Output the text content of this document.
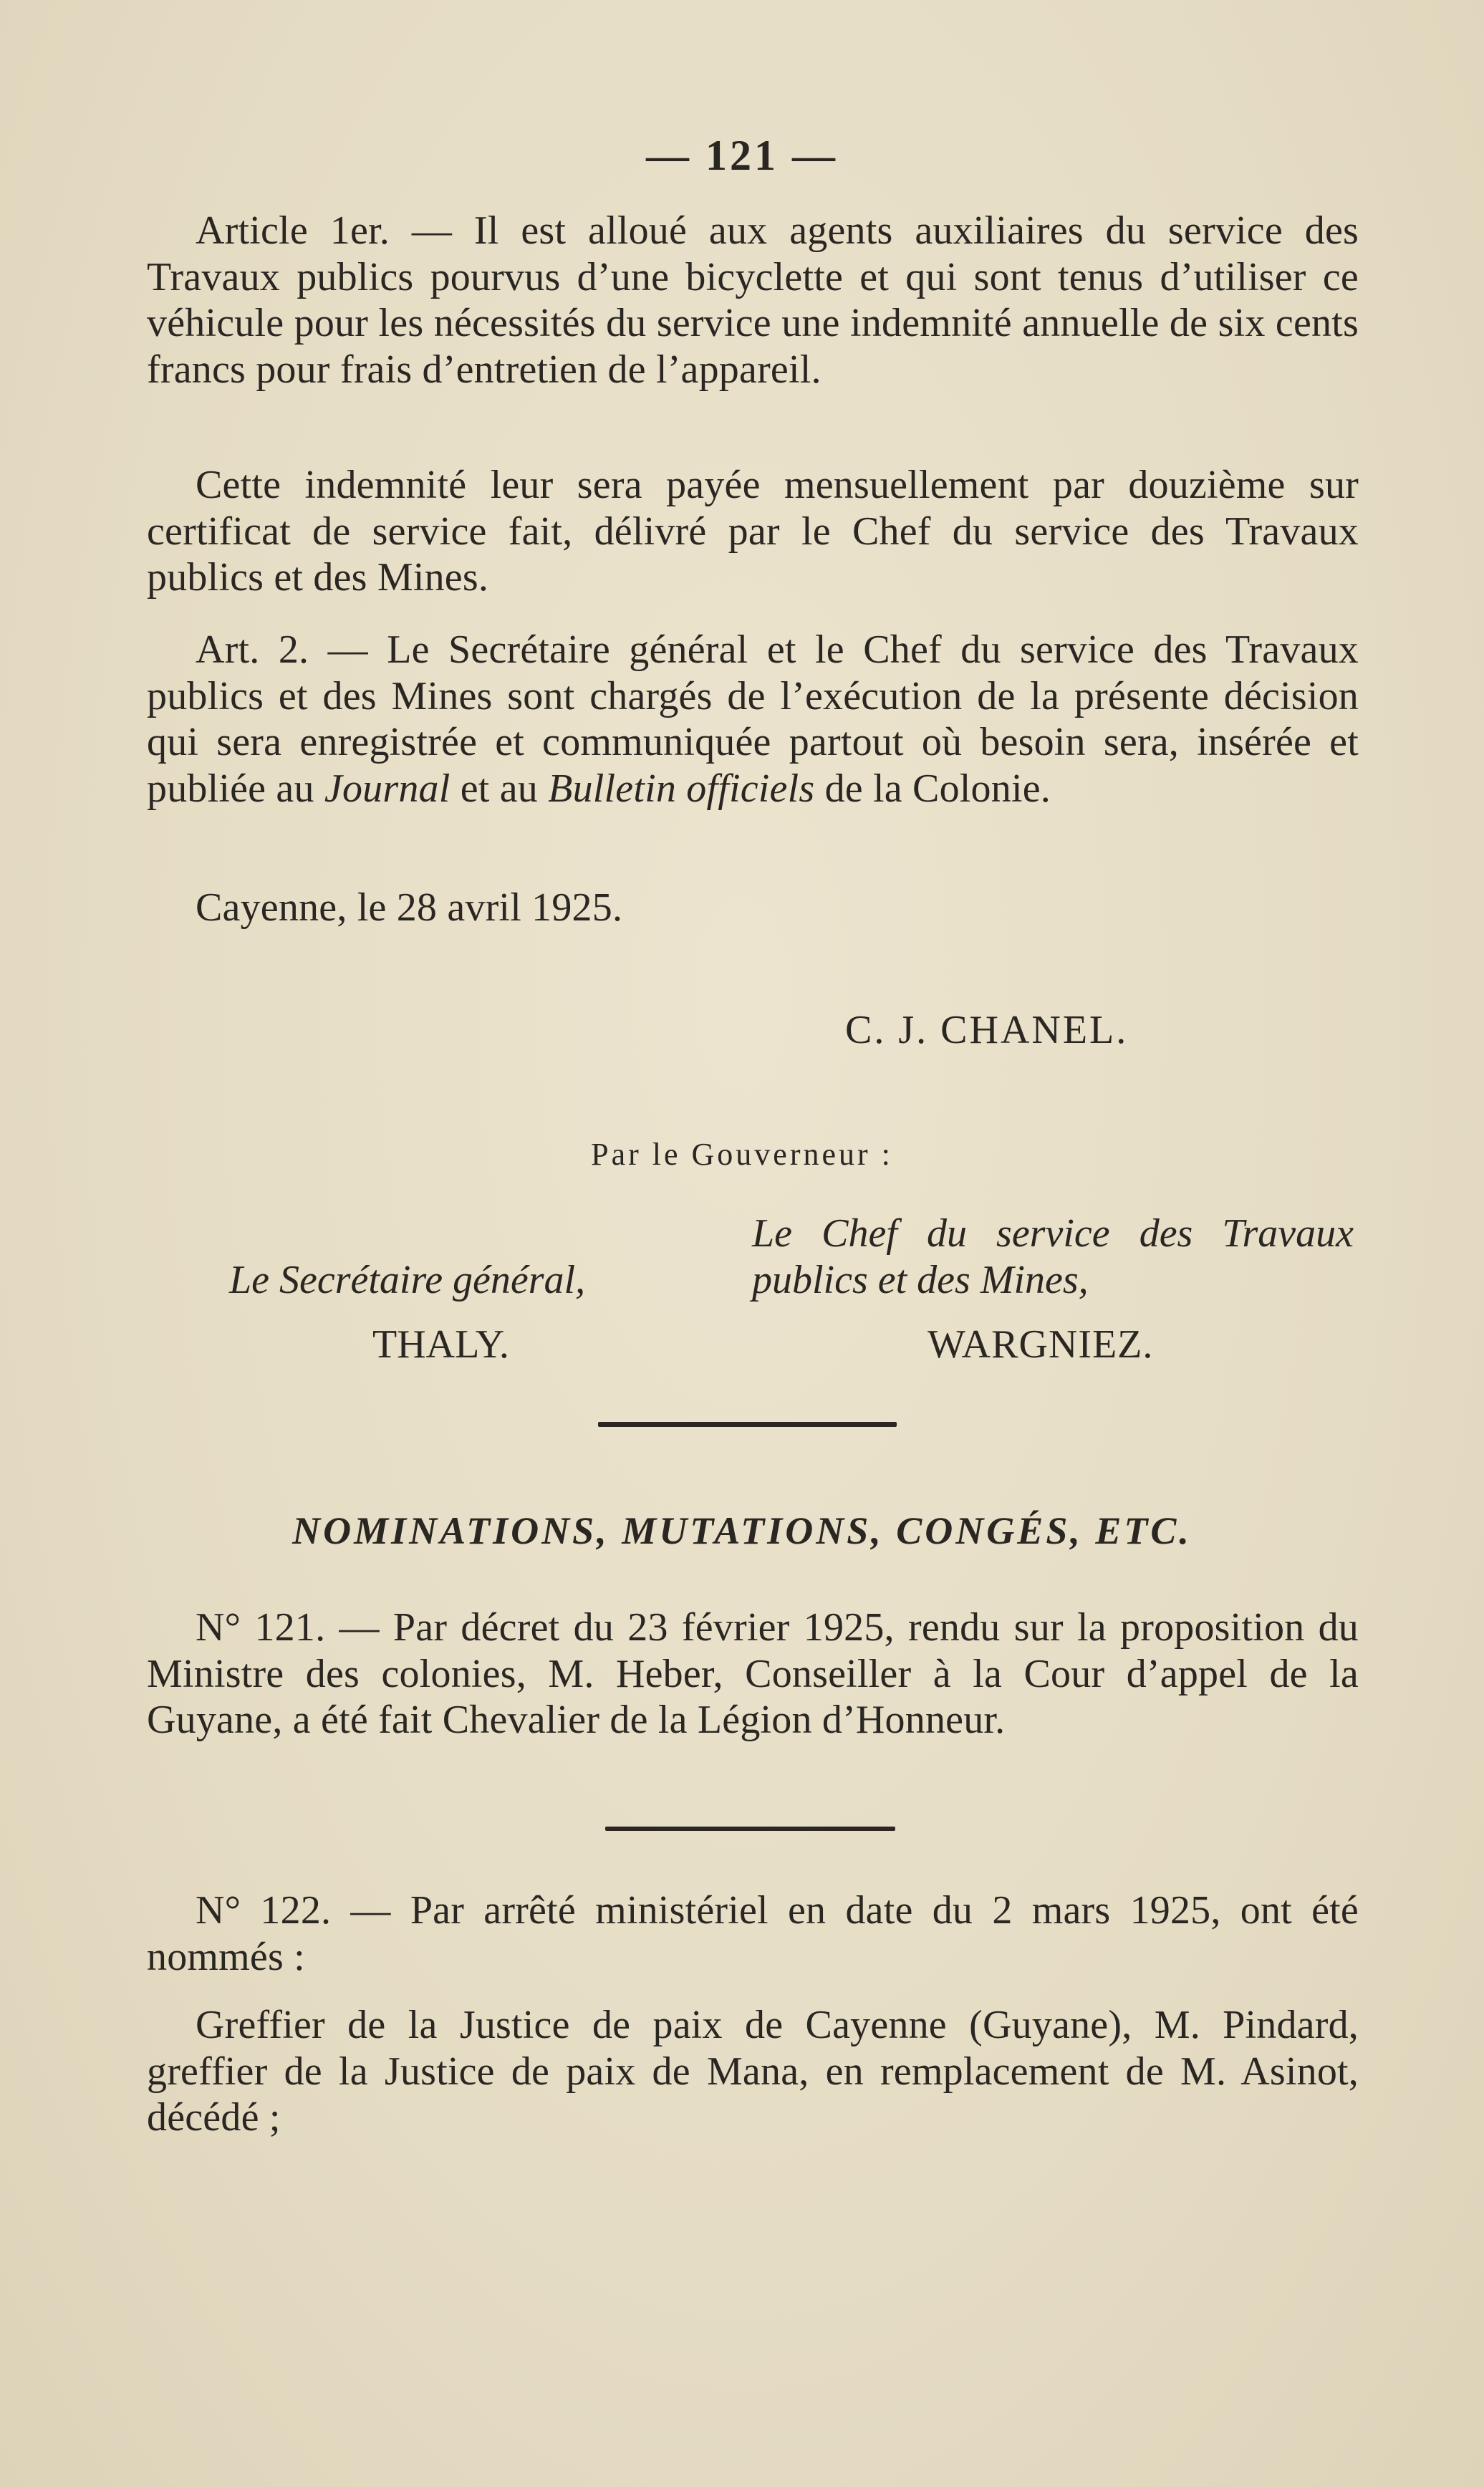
— 121 —

Article 1er. — Il est alloué aux agents auxiliaires du service des Travaux publics pourvus d’une bicyclette et qui sont tenus d’utiliser ce véhicule pour les nécessités du service une indemnité annuelle de six cents francs pour frais d’entretien de l’appareil.

Cette indemnité leur sera payée mensuellement par douzième sur certificat de service fait, délivré par le Chef du service des Travaux publics et des Mines.

Art. 2. — Le Secrétaire général et le Chef du service des Travaux publics et des Mines sont chargés de l’exécution de la présente décision qui sera enregistrée et communiquée partout où besoin sera, insérée et publiée au Journal et au Bulletin officiels de la Colonie.

Cayenne, le 28 avril 1925.

C. J. CHANEL.
Par le Gouverneur :
Le Chef du service des Travaux publics et des Mines,
Le Secrétaire général,
THALY.	WARGNIEZ.
NOMINATIONS, MUTATIONS, CONGÉS, ETC.

N° 121. — Par décret du 23 février 1925, rendu sur la proposition du Ministre des colonies, M. Heber, Conseiller à la Cour d’appel de la Guyane, a été fait Chevalier de la Légion d’Honneur.

N° 122. — Par arrêté ministériel en date du 2 mars 1925, ont été nommés :

Greffier de la Justice de paix de Cayenne (Guyane), M. Pindard, greffier de la Justice de paix de Mana, en remplacement de M. Asinot, décédé ;
